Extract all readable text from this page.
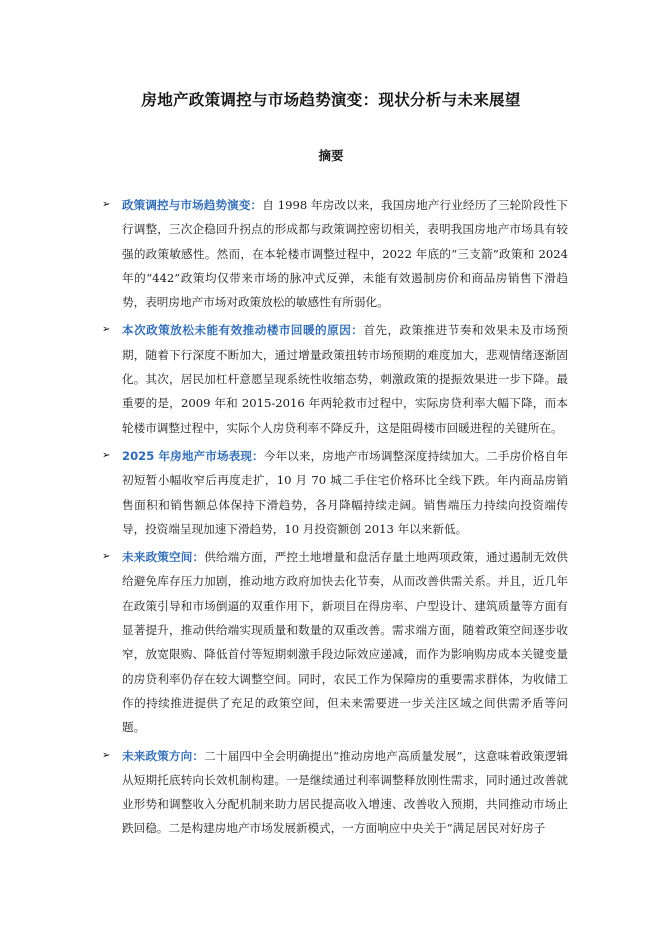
房地产政策调控与市场趋势演变：现状分析与未来展望
摘要
➢	政策调控与市场趋势演变：自 1998 年房改以来，我国房地产行业经历了三轮阶段性下行调整，三次企稳回升拐点的形成都与政策调控密切相关，表明我国房地产市场具有较强的政策敏感性。然而，在本轮楼市调整过程中，2022 年底的“三支箭”政策和 2024 年的“442”政策均仅带来市场的脉冲式反弹，未能有效遏制房价和商品房销售下滑趋势，表明房地产市场对政策放松的敏感性有所弱化。
➢	本次政策放松未能有效推动楼市回暖的原因：首先，政策推进节奏和效果未及市场预期，随着下行深度不断加大，通过增量政策扭转市场预期的难度加大，悲观情绪逐渐固化。其次，居民加杠杆意愿呈现系统性收缩态势，刺激政策的提振效果进一步下降。最重要的是，2009 年和 2015-2016 年两轮救市过程中，实际房贷利率大幅下降，而本轮楼市调整过程中，实际个人房贷利率不降反升，这是阻碍楼市回暖进程的关键所在。
➢	2025 年房地产市场表现：今年以来，房地产市场调整深度持续加大。二手房价格自年初短暂小幅收窄后再度走扩，10 月 70 城二手住宅价格环比全线下跌。年内商品房销售面积和销售额总体保持下滑趋势，各月降幅持续走阔。销售端压力持续向投资端传导，投资端呈现加速下滑趋势，10 月投资额创 2013 年以来新低。
➢	未来政策空间：供给端方面，严控土地增量和盘活存量土地两项政策，通过遏制无效供给避免库存压力加剧，推动地方政府加快去化节奏，从而改善供需关系。并且，近几年在政策引导和市场倒逼的双重作用下，新项目在得房率、户型设计、建筑质量等方面有显著提升，推动供给端实现质量和数量的双重改善。需求端方面，随着政策空间逐步收窄，放宽限购、降低首付等短期刺激手段边际效应递减，而作为影响购房成本关键变量的房贷利率仍存在较大调整空间。同时，农民工作为保障房的重要需求群体，为收储工作的持续推进提供了充足的政策空间，但未来需要进一步关注区域之间供需矛盾等问题。
➢	未来政策方向：二十届四中全会明确提出“推动房地产高质量发展”，这意味着政策逻辑从短期托底转向长效机制构建。一是继续通过利率调整释放刚性需求，同时通过改善就业形势和调整收入分配机制来助力居民提高收入增速、改善收入预期，共同推动市场止跌回稳。二是构建房地产市场发展新模式，一方面响应中央关于“满足居民对好房子
